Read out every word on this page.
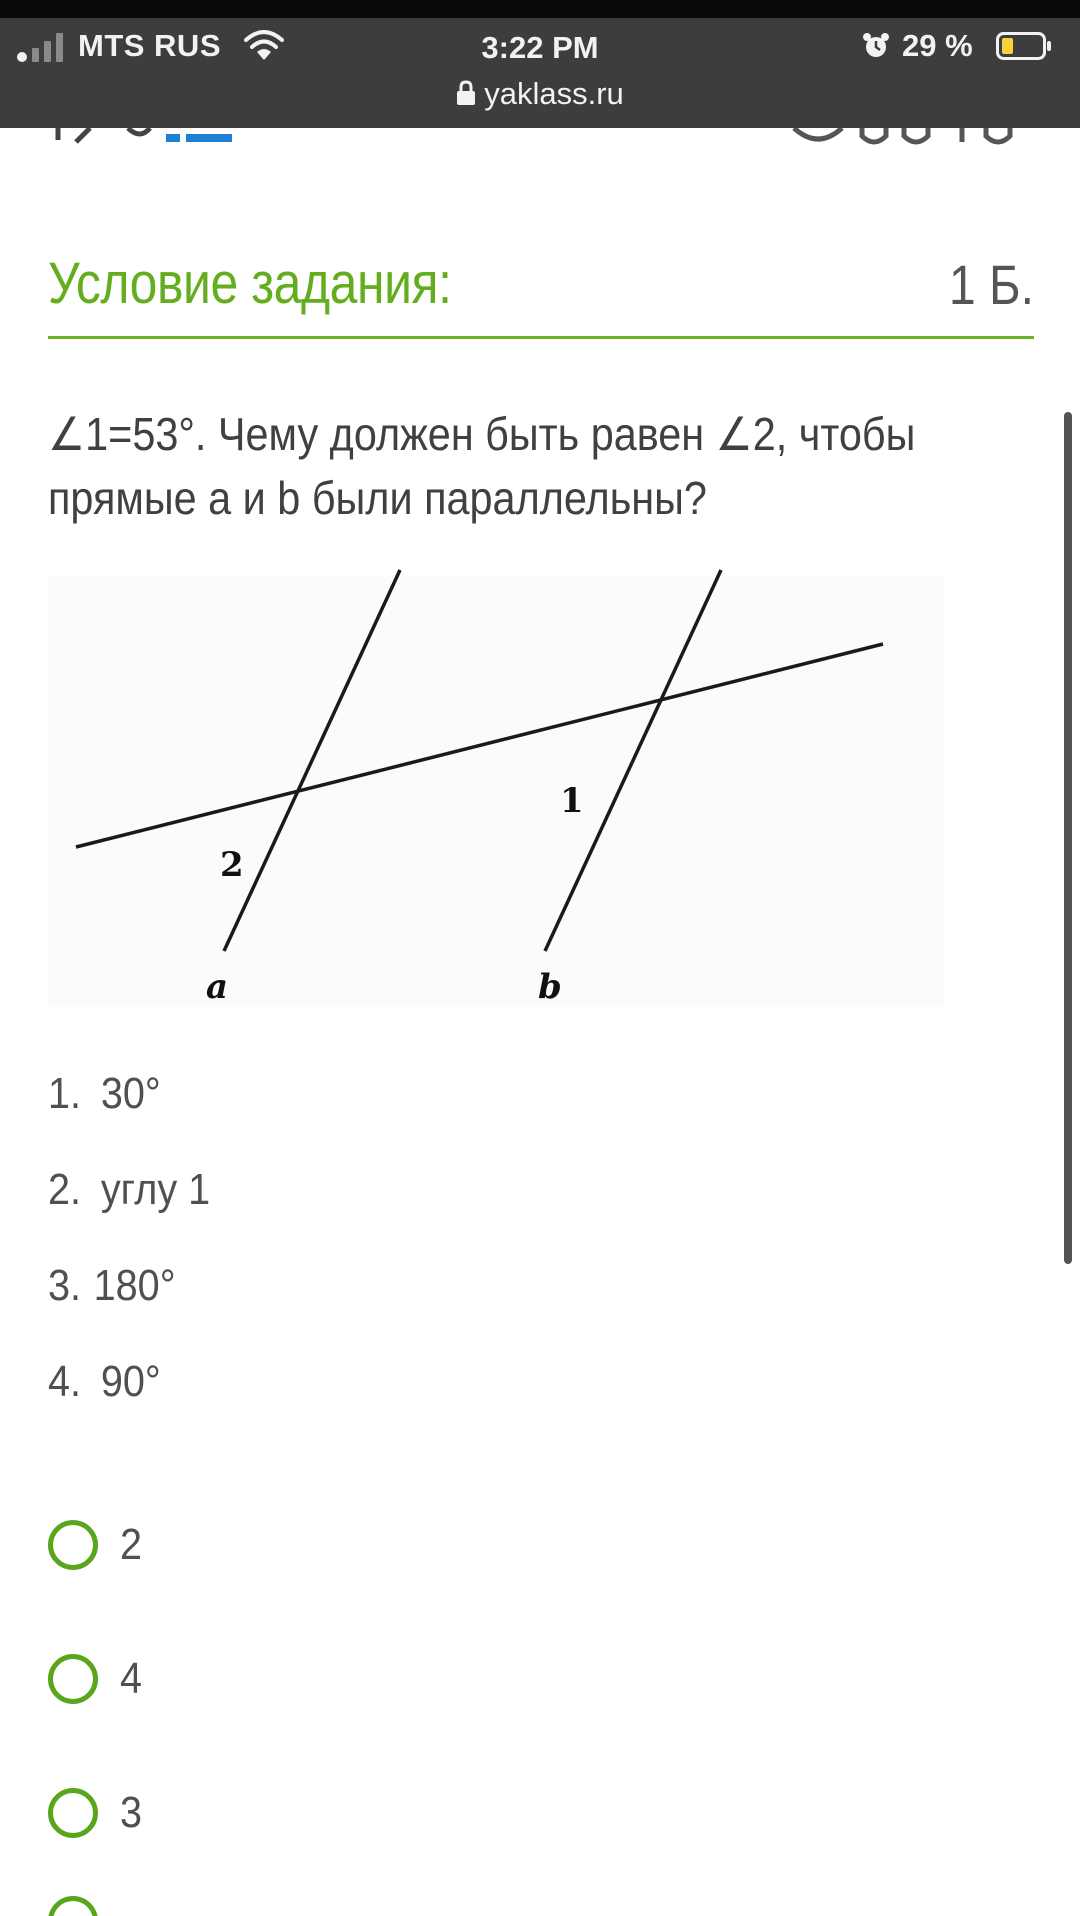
MTS RUS	3:22 PM
yaklass.ru
29 %
Условие задания:	1 Б.
∠1=53°. Чему должен быть равен ∠2, чтобы прямые a и b были параллельны?
1
2
a	b
1. 30°
2. углу 1
3. 180°
4. 90°
2
4
3
